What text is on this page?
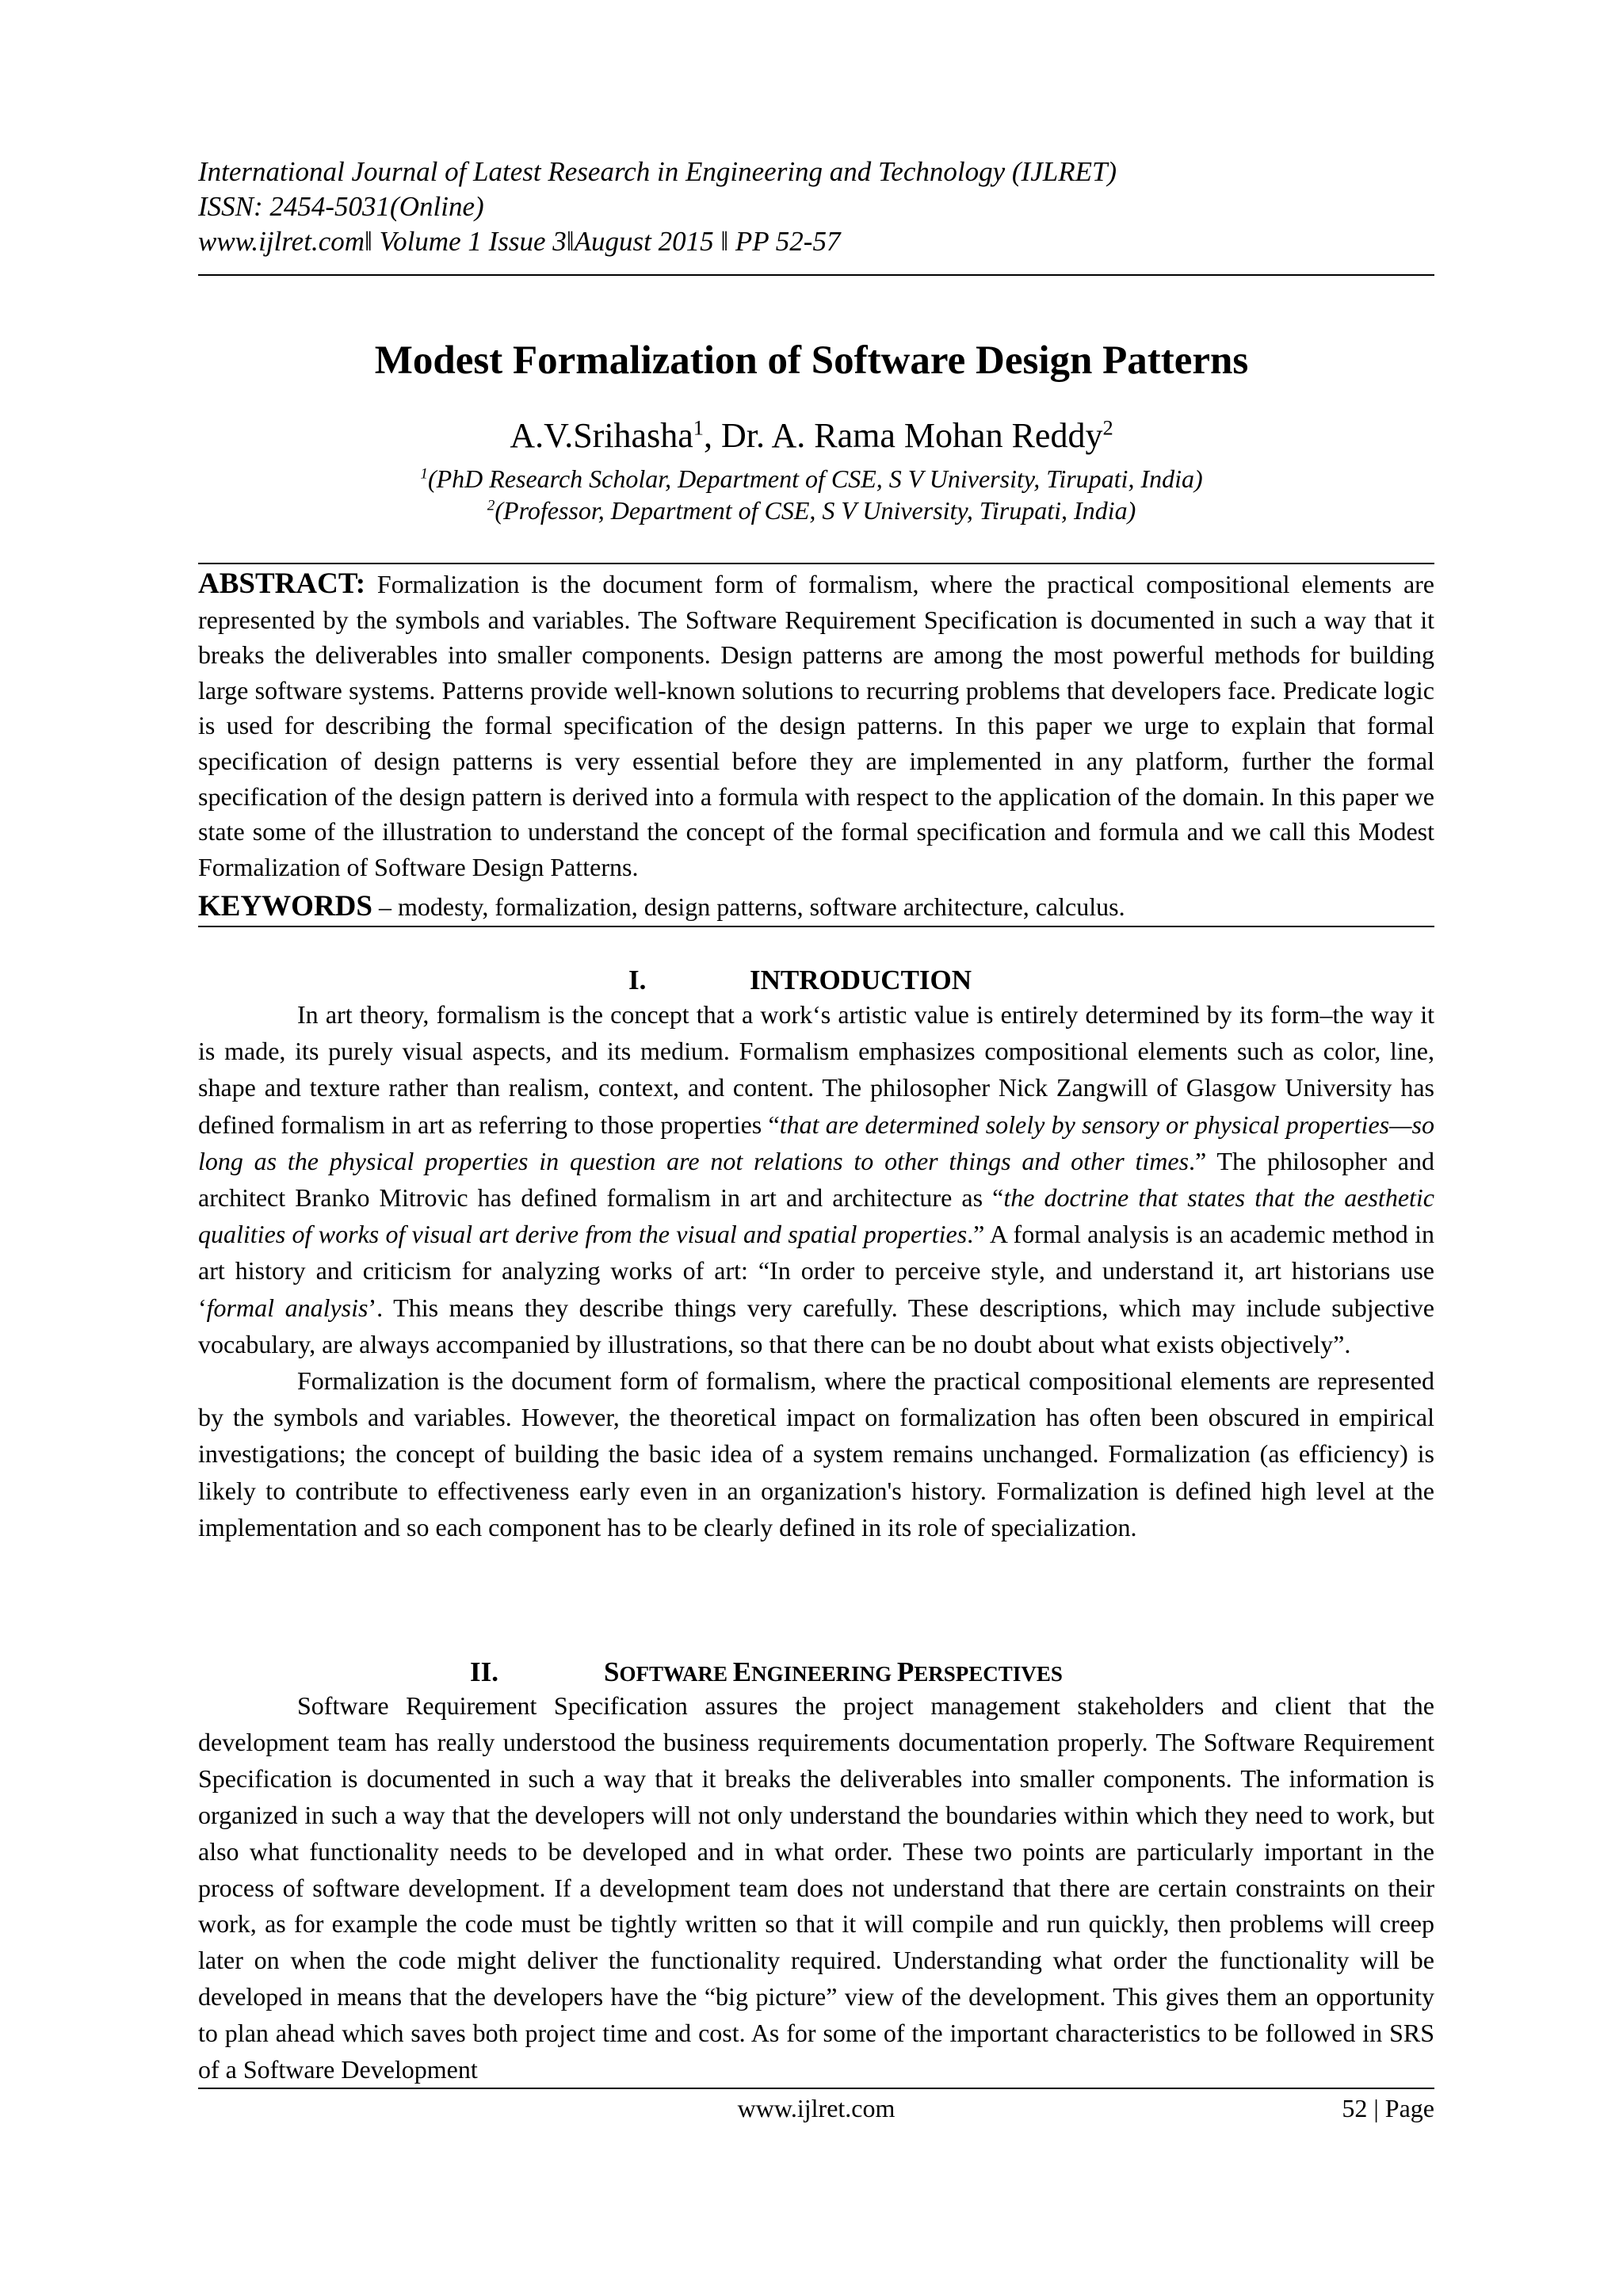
International Journal of Latest Research in Engineering and Technology (IJLRET)
ISSN: 2454-5031(Online)
www.ijlret.com‖ Volume 1 Issue 3‖August 2015 ‖ PP 52-57
Modest Formalization of Software Design Patterns
A.V.Srihasha$^1$, Dr. A. Rama Mohan Reddy$^2$
$^1$(PhD Research Scholar, Department of CSE, S V University, Tirupati, India)
$^2$(Professor, Department of CSE, S V University, Tirupati, India)
ABSTRACT: Formalization is the document form of formalism, where the practical compositional elements are represented by the symbols and variables. The Software Requirement Specification is documented in such a way that it breaks the deliverables into smaller components. Design patterns are among the most powerful methods for building large software systems. Patterns provide well-known solutions to recurring problems that developers face. Predicate logic is used for describing the formal specification of the design patterns. In this paper we urge to explain that formal specification of design patterns is very essential before they are implemented in any platform, further the formal specification of the design pattern is derived into a formula with respect to the application of the domain. In this paper we state some of the illustration to understand the concept of the formal specification and formula and we call this Modest Formalization of Software Design Patterns.
KEYWORDS – modesty, formalization, design patterns, software architecture, calculus.
I.	INTRODUCTION

In art theory, formalism is the concept that a work‘s artistic value is entirely determined by its form–the way it is made, its purely visual aspects, and its medium. Formalism emphasizes compositional elements such as color, line, shape and texture rather than realism, context, and content. The philosopher Nick Zangwill of Glasgow University has defined formalism in art as referring to those properties “that are determined solely by sensory or physical properties—so long as the physical properties in question are not relations to other things and other times.” The philosopher and architect Branko Mitrovic has defined formalism in art and architecture as “the doctrine that states that the aesthetic qualities of works of visual art derive from the visual and spatial properties.” A formal analysis is an academic method in art history and criticism for analyzing works of art: “In order to perceive style, and understand it, art historians use ‘formal analysis’. This means they describe things very carefully. These descriptions, which may include subjective vocabulary, are always accompanied by illustrations, so that there can be no doubt about what exists objectively”.

Formalization is the document form of formalism, where the practical compositional elements are represented by the symbols and variables. However, the theoretical impact on formalization has often been obscured in empirical investigations; the concept of building the basic idea of a system remains unchanged. Formalization (as efficiency) is likely to contribute to effectiveness early even in an organization's history. Formalization is defined high level at the implementation and so each component has to be clearly defined in its role of specialization.

II.	SOFTWARE ENGINEERING PERSPECTIVES

Software Requirement Specification assures the project management stakeholders and client that the development team has really understood the business requirements documentation properly. The Software Requirement Specification is documented in such a way that it breaks the deliverables into smaller components. The information is organized in such a way that the developers will not only understand the boundaries within which they need to work, but also what functionality needs to be developed and in what order. These two points are particularly important in the process of software development. If a development team does not understand that there are certain constraints on their work, as for example the code must be tightly written so that it will compile and run quickly, then problems will creep later on when the code might deliver the functionality required. Understanding what order the functionality will be developed in means that the developers have the “big picture” view of the development. This gives them an opportunity to plan ahead which saves both project time and cost. As for some of the important characteristics to be followed in SRS of a Software Development

www.ijlret.com	52 | Page
